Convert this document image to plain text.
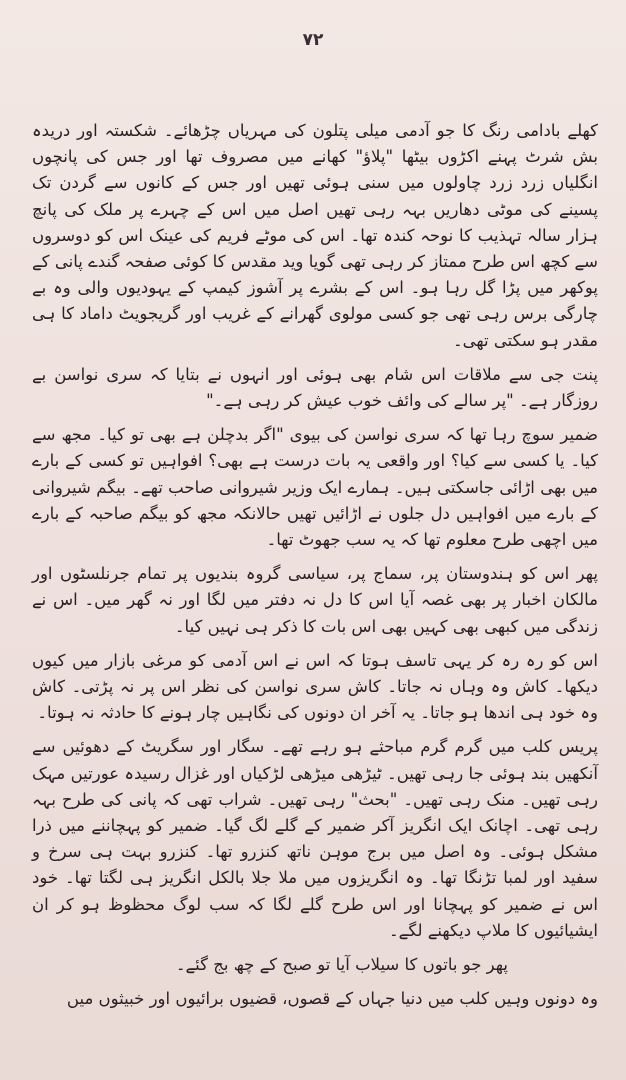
۷۲

کھلے بادامی رنگ کا جو آدمی میلی پتلون کی مہریاں چڑھائے۔ شکستہ اور دریدہ بش شرٹ پہنے اکڑوں بیٹھا "پلاؤ" کھانے میں مصروف تھا اور جس کی پانچوں انگلیاں زرد زرد چاولوں میں سنی ہوئی تھیں اور جس کے کانوں سے گردن تک پسینے کی موٹی دھاریں بہہ رہی تھیں اصل میں اس کے چہرے پر ملک کی پانچ ہزار سالہ تہذیب کا نوحہ کندہ تھا۔ اس کی موٹے فریم کی عینک اس کو دوسروں سے کچھ اس طرح ممتاز کر رہی تھی گویا وید مقدس کا کوئی صفحہ گندے پانی کے پوکھر میں پڑا گل رہا ہو۔ اس کے بشرے پر آشوز کیمپ کے یہودیوں والی وہ بے چارگی برس رہی تھی جو کسی مولوی گھرانے کے غریب اور گریجویٹ داماد کا ہی مقدر ہو سکتی تھی۔

پنت جی سے ملاقات اس شام بھی ہوئی اور انہوں نے بتایا کہ سری نواسن بے روزگار ہے۔ "پر سالے کی وائف خوب عیش کر رہی ہے۔"

ضمیر سوچ رہا تھا کہ سری نواسن کی بیوی "اگر بدچلن ہے بھی تو کیا۔ مجھ سے کیا۔ یا کسی سے کیا؟ اور واقعی یہ بات درست ہے بھی؟ افواہیں تو کسی کے بارے میں بھی اڑائی جاسکتی ہیں۔ ہمارے ایک وزیر شیروانی صاحب تھے۔ بیگم شیروانی کے بارے میں افواہیں دل جلوں نے اڑائیں تھیں حالانکہ مجھ کو بیگم صاحبہ کے بارے میں اچھی طرح معلوم تھا کہ یہ سب جھوٹ تھا۔

پھر اس کو ہندوستان پر، سماج پر، سیاسی گروہ بندیوں پر تمام جرنلسٹوں اور مالکان اخبار پر بھی غصہ آیا اس کا دل نہ دفتر میں لگا اور نہ گھر میں۔ اس نے زندگی میں کبھی بھی کہیں بھی اس بات کا ذکر ہی نہیں کیا۔

اس کو رہ رہ کر یہی تاسف ہوتا کہ اس نے اس آدمی کو مرغی بازار میں کیوں دیکھا۔ کاش وہ وہاں نہ جاتا۔ کاش سری نواسن کی نظر اس پر نہ پڑتی۔ کاش وہ خود ہی اندھا ہو جاتا۔ یہ آخر ان دونوں کی نگاہیں چار ہونے کا حادثہ نہ ہوتا۔

پریس کلب میں گرم گرم مباحثے ہو رہے تھے۔ سگار اور سگریٹ کے دھوئیں سے آنکھیں بند ہوئی جا رہی تھیں۔ ٹیڑھی میڑھی لڑکیاں اور غزال رسیدہ عورتیں مہک رہی تھیں۔ منک رہی تھیں۔ "بحث" رہی تھیں۔ شراب تھی کہ پانی کی طرح بہہ رہی تھی۔ اچانک ایک انگریز آکر ضمیر کے گلے لگ گیا۔ ضمیر کو پہچاننے میں ذرا مشکل ہوئی۔ وہ اصل میں برج موہن ناتھ کنزرو تھا۔ کنزرو بہت ہی سرخ و سفید اور لمبا تڑنگا تھا۔ وہ انگریزوں میں ملا جلا بالکل انگریز ہی لگتا تھا۔ خود اس نے ضمیر کو پہچانا اور اس طرح گلے لگا کہ سب لوگ محظوظ ہو کر ان ایشیائیوں کا ملاپ دیکھنے لگے۔

پھر جو باتوں کا سیلاب آیا تو صبح کے چھ بج گئے۔

وہ دونوں وہیں کلب میں دنیا جہاں کے قصوں، قضیوں برائیوں اور خبیثوں میں
